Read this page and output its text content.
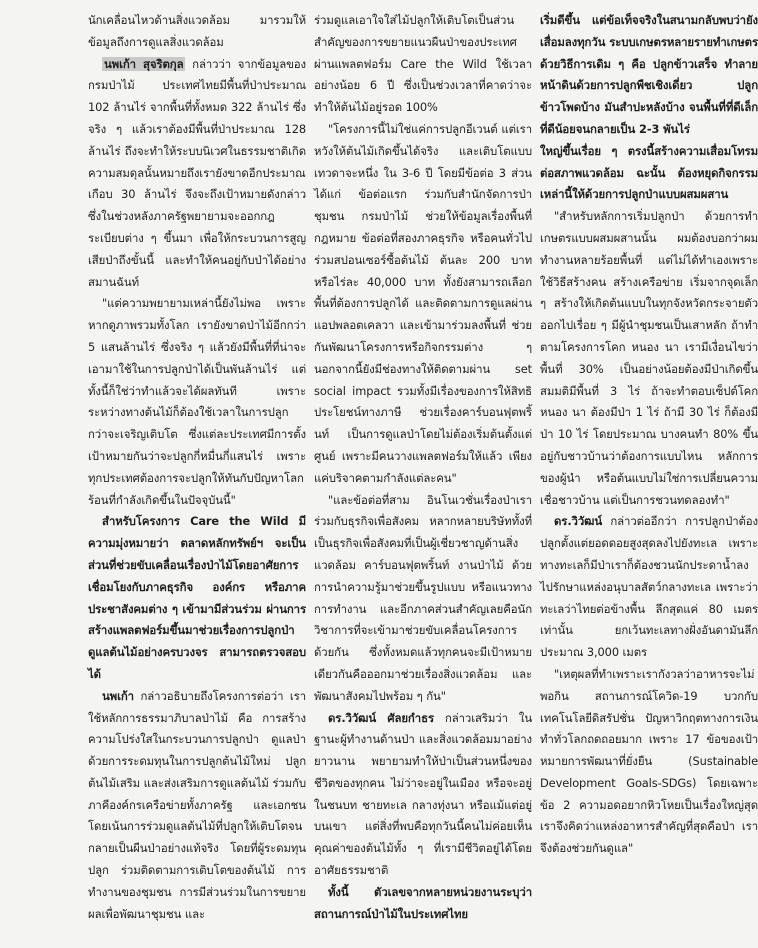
นักเคลื่อนไหวด้านสิ่งแวดล้อม มารวมให้ข้อมูลถึงการดูแลสิ่งแวดล้อม

นพเก้า สุจริตกุล กล่าวว่า จากข้อมูลของกรมป่าไม้ ประเทศไทยมีพื้นที่ป่าประมาณ 102 ล้านไร่ จากพื้นที่ทั้งหมด 322 ล้านไร่ ซึ่งจริง ๆ แล้วเราต้องมีพื้นที่ป่าประมาณ 128 ล้านไร่ ถึงจะทำให้ระบบนิเวศในธรรมชาติเกิดความสมดุลนั้นหมายถึงเรายังขาดอีกประมาณเกือบ 30 ล้านไร่ จึงจะถึงเป้าหมายดังกล่าว ซึ่งในช่วงหลังภาครัฐพยายามจะออกกฎระเบียบต่าง ๆ ขึ้นมา เพื่อให้กระบวนการสูญเสียป่าถึงขั้นนี้ และทำให้คนอยู่กับป่าได้อย่างสมานฉันท์

"แต่ความพยายามเหล่านี้ยังไม่พอ เพราะหากดูภาพรวมทั้งโลก เรายังขาดป่าไม้อีกกว่า 5 แสนล้านไร่ ซึ่งจริง ๆ แล้วยังมีพื้นที่ที่น่าจะเอามาใช้ในการปลูกป่าได้เป็นพันล้านไร่ แต่ทั้งนี้ก็ใช่ว่าทำแล้วจะได้ผลทันที เพราะระหว่างทางต้นไม้ก็ต้องใช้เวลาในการปลูกกว่าจะเจริญเติบโต ซึ่งแต่ละประเทศมีการตั้งเป้าหมายกันว่าจะปลูกกี่หมื่นกี่แสนไร่ เพราะทุกประเทศต้องการจะปลูกให้ทันกับปัญหาโลกร้อนที่กำลังเกิดขึ้นในปัจจุบันนี้"

สำหรับโครงการ Care the Wild มีความมุ่งหมายว่า ตลาดหลักทรัพย์ฯ จะเป็นส่วนที่ช่วยขับเคลื่อนเรื่องป่าไม้โดยอาศัยการเชื่อมโยงกับภาคธุรกิจ องค์กร หรือภาคประชาสังคมต่าง ๆ เข้ามามีส่วนร่วม ผ่านการสร้างแพลตฟอร์มขึ้นมาช่วยเรื่องการปลูกป่า ดูแลต้นไม้อย่างครบวงจร สามารถตรวจสอบได้

นพเก้า กล่าวอธิบายถึงโครงการต่อว่า เราใช้หลักการธรรมาภิบาลป่าไม้ คือ การสร้างความโปร่งใสในกระบวนการปลูกป่า ดูแลป่า ด้วยการระดมทุนในการปลูกต้นไม้ใหม่ ปลูกต้นไม้เสริม และส่งเสริมการดูแลต้นไม้ ร่วมกับภาคีองค์กรเครือข่ายทั้งภาครัฐ และเอกชน โดยเน้นการร่วมดูแลต้นไม้ที่ปลูกให้เติบโตจนกลายเป็นผืนป่าอย่างแท้จริง โดยที่ผู้ระดมทุนปลูก ร่วมติดตามการเติบโตของต้นไม้ การทำงานของชุมชน การมีส่วนร่วมในการขยายผลเพื่อพัฒนาชุมชน และ

ร่วมดูแลเอาใจใส่ไม้ปลูกให้เติบโตเป็นส่วนสำคัญของการขยายแนวผืนป่าของประเทศ ผ่านแพลตฟอร์ม Care the Wild ใช้เวลาอย่างน้อย 6 ปี ซึ่งเป็นช่วงเวลาที่คาดว่าจะทำให้ต้นไม้อยู่รอด 100%

"โครงการนี้ไม่ใช่แค่การปลูกอีเวนต์ แต่เราหวังให้ต้นไม้เกิดขึ้นได้จริง และเติบโตแบบเทวดาจะหนึ่ง ใน 3-6 ปี โดยมีข้อต่อ 3 ส่วน ได้แก่ ข้อต่อแรก ร่วมกับสำนักจัดการป่าชุมชน กรมป่าไม้ ช่วยให้ข้อมูลเรื่องพื้นที่ กฎหมาย ข้อต่อที่สองภาคธุรกิจ หรือคนทั่วไปร่วมสปอนเซอร์ซื้อต้นไม้ ต้นละ 200 บาท หรือไร่ละ 40,000 บาท ทั้งยังสามารถเลือกพื้นที่ต้องการปลูกได้ และติดตามการดูแลผ่านแอปพลอตเคลวา และเข้ามาร่วมลงพื้นที่ ช่วยกันพัฒนาโครงการหรือกิจกรรมต่าง ๆ นอกจากนี้ยังมีช่องทางให้ติดตามผ่าน set social impact รวมทั้งมีเรื่องของการให้สิทธิประโยชน์ทางภาษี ช่วยเรื่องคาร์บอนฟุตพริ้นท์ เป็นการดูแลป่าโดยไม่ต้องเริ่มต้นตั้งแต่ศูนย์ เพราะมีคนวางแพลตฟอร์มให้แล้ว เพียงแค่บริจาคตามกำลังแต่ละคน"

"และข้อต่อที่สาม อินโนเวชั่นเรื่องป่าเราร่วมกับธุรกิจเพื่อสังคม หลากหลายบริษัททั้งที่เป็นธุรกิจเพื่อสังคมที่เป็นผู้เชี่ยวชาญด้านสิ่งแวดล้อม คาร์บอนฟุตพริ้นท์ งานป่าไม้ ด้วยการนำความรู้มาช่วยขึ้นรูปแบบ หรือแนวทางการทำงาน และอีกภาคส่วนสำคัญเลยคือนักวิชาการที่จะเข้ามาช่วยขับเคลื่อนโครงการด้วยกัน ซึ่งทั้งหมดแล้วทุกคนจะมีเป้าหมายเดียวกันคือออกมาช่วยเรื่องสิ่งแวดล้อม และพัฒนาสังคมไปพร้อม ๆ กัน"

ดร.วิวัฒน์ ศัลยกำธร กล่าวเสริมว่า ในฐานะผู้ทำงานด้านป่า และสิ่งแวดล้อมมาอย่างยาวนาน พยายามทำให้ป่าเป็นส่วนหนึ่งของชีวิตของทุกคน ไม่ว่าจะอยู่ในเมือง หรือจะอยู่ในชนบท ชายทะเล กลางทุ่งนา หรือแม้แต่อยู่บนเขา แต่สิ่งที่พบคือทุกวันนี้คนไม่ค่อยเห็นคุณค่าของต้นไม้ทั้ง ๆ ที่เรามีชีวิตอยู่ได้โดยอาศัยธรรมชาติ

ทั้งนี้ ตัวเลขจากหลายหน่วยงานระบุว่า สถานการณ์ป่าไม้ในประเทศไทย

เริ่มดีขึ้น แต่ข้อเท็จจริงในสนามกลับพบว่ายังเสื่อมลงทุกวัน ระบบเกษตรหลายรายทำเกษตรด้วยวิธีการเดิม ๆ คือ ปลูกข้าวเสร็จ ทำลายหน้าดินด้วยการปลูกพืชเชิงเดี่ยว ปลูกข้าวโพดบ้าง มันสำปะหลังบ้าง จนพื้นที่ที่ดีเล็กที่ดีน้อยจนกลายเป็น 2-3 พันไร่

ใหญ่ขึ้นเรื่อย ๆ ตรงนี้สร้างความเสื่อมโทรมต่อสภาพแวดล้อม ฉะนั้น ต้องหยุดกิจกรรมเหล่านี้ให้ด้วยการปลูกป่าแบบผสมผสาน

"สำหรับหลักการเริ่มปลูกป่า ด้วยการทำเกษตรแบบผสมผสานนั้น ผมต้องบอกว่าผมทำงานหลายร้อยพื้นที่ แต่ไม่ได้ทำเองเพราะใช้วิธีสร้างคน สร้างเครือข่าย เริ่มจากจุดเล็ก ๆ สร้างให้เกิดต้นแบบในทุกจังหวัดกระจายตัวออกไปเรื่อย ๆ มีผู้นำชุมชนเป็นเสาหลัก ถ้าทำตามโครงการโคก หนอง นา เรามีเงื่อนไขว่า พื้นที่ 30% เป็นอย่างน้อยต้องมีป่าเกิดขึ้น สมมติมีพื้นที่ 3 ไร่ ถ้าจะทำตอบเซ็ปต์โคก หนอง นา ต้องมีป่า 1 ไร่ ถ้ามี 30 ไร่ ก็ต้องมีป่า 10 ไร่ โดยประมาณ บางคนทำ 80% ขึ้นอยู่กับชาวบ้านว่าต้องการแบบไหน หลักการของผู้นำ หรือต้นแบบไม่ใช่การเปลี่ยนความเชื่อชาวบ้าน แต่เป็นการชวนทดลองทำ"

ดร.วิวัฒน์ กล่าวต่ออีกว่า การปลูกป่าต้องปลูกตั้งแต่ยอดดอยสูงสุดลงไปยังทะเล เพราะทางทะเลก็มีป่าเราก็ต้องชวนนักประดาน้ำลงไปรักษาแหล่งอนุบาลสัตว์กลางทะเล เพราะว่าทะเลว่าไทยต่อข้างพื้น ลึกสุดแค่ 80 เมตร เท่านั้น ยกเว้นทะเลทางฝั่งอันดามันลึกประมาณ 3,000 เมตร

"เหตุผลที่ทำเพราะเรากังวลว่าอาหารจะไม่พอกิน สถานการณ์โควิด-19 บวกกับเทคโนโลยีดิสรัปชั่น ปัญหาวิกฤตทางการเงินทำทั่วโลกถดถอยมาก เพราะ 17 ข้อของเป้าหมายการพัฒนาที่ยั่งยืน (Sustainable Development Goals-SDGs) โดยเฉพาะข้อ 2 ความอดอยากหิวโหยเป็นเรื่องใหญ่สุด เราจึงคิดว่าแหล่งอาหารสำคัญที่สุดคือป่า เราจึงต้องช่วยกันดูแล"
